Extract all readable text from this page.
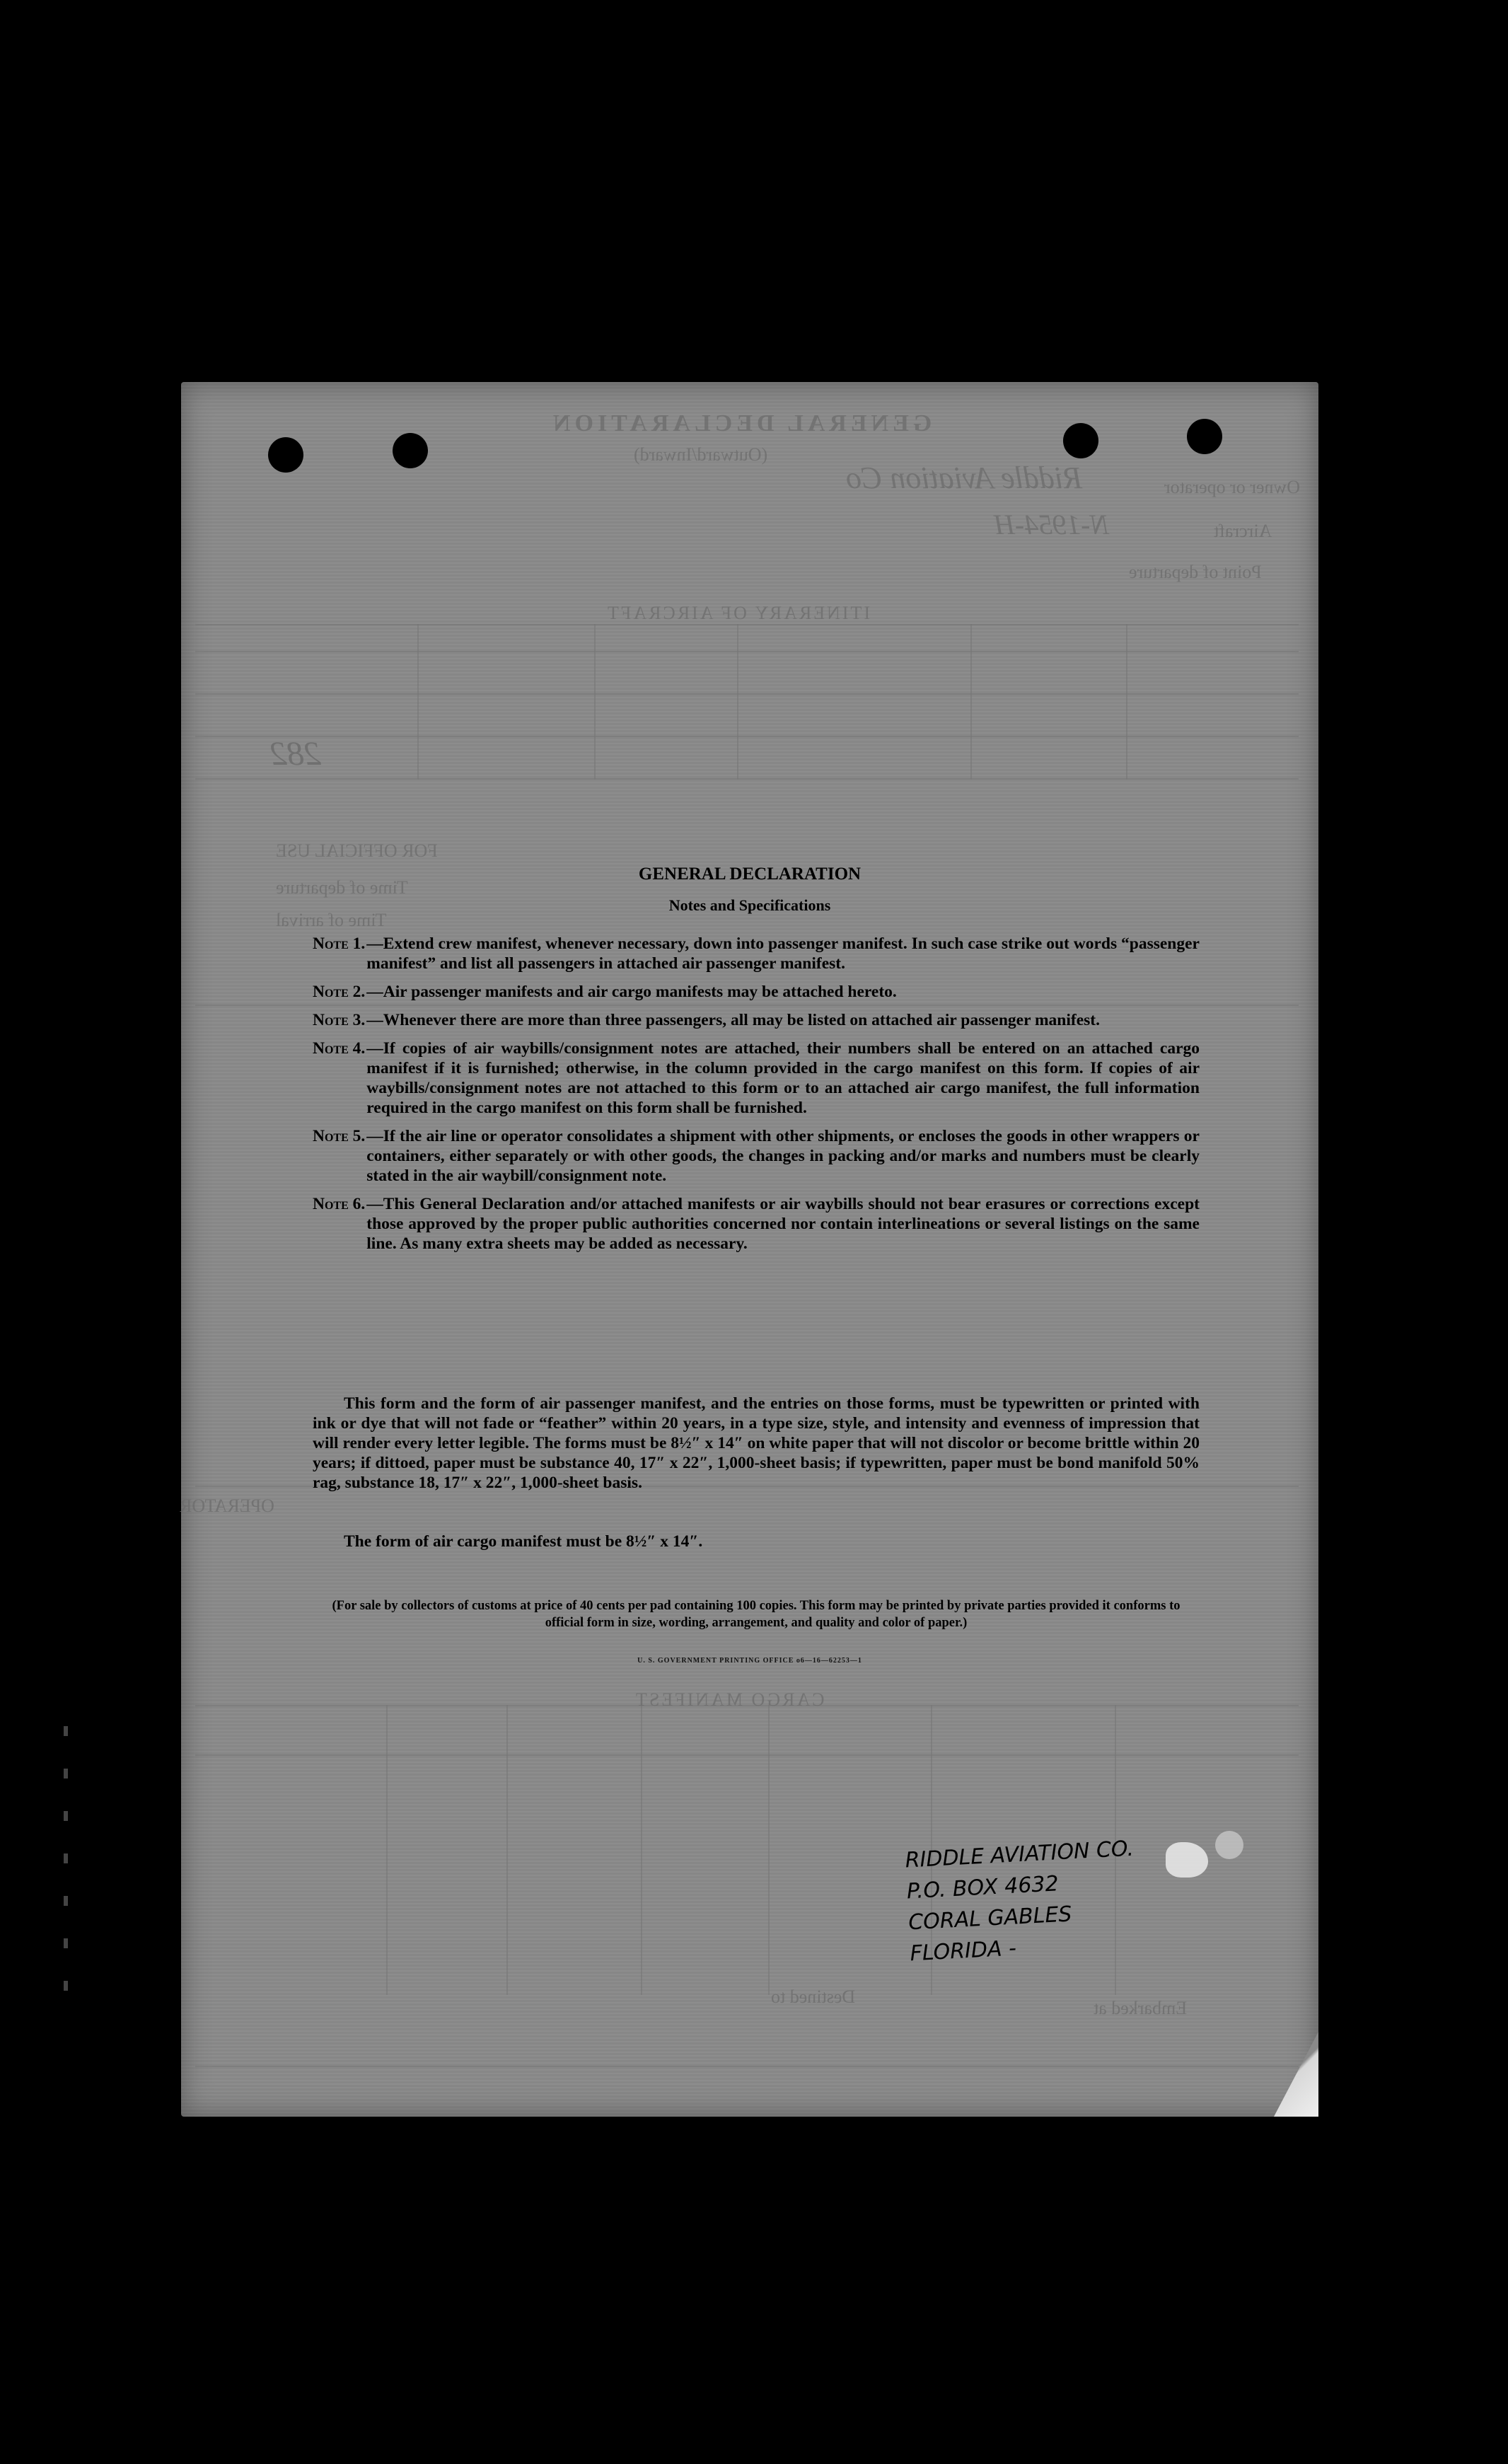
GENERAL DECLARATION
(Outward/Inward)
Owner or operator
Riddle Aviation Co
Aircraft
N-1954-H
Point of departure
ITINERARY OF AIRCRAFT
282
FOR OFFICIAL USE
Time of departure
Time of arrival
OPERATOR
CARGO MANIFEST
Embarked at
Destined to
GENERAL DECLARATION
Notes and Specifications
Note 1. —Extend crew manifest, whenever necessary, down into passenger manifest. In such case strike out words “passenger manifest” and list all passengers in attached air passenger manifest.
Note 2. —Air passenger manifests and air cargo manifests may be attached hereto.
Note 3. —Whenever there are more than three passengers, all may be listed on attached air passenger manifest.
Note 4. —If copies of air waybills/consignment notes are attached, their numbers shall be entered on an attached cargo manifest if it is furnished; otherwise, in the column provided in the cargo manifest on this form. If copies of air waybills/consignment notes are not attached to this form or to an attached air cargo manifest, the full information required in the cargo manifest on this form shall be furnished.
Note 5. —If the air line or operator consolidates a shipment with other shipments, or encloses the goods in other wrappers or containers, either separately or with other goods, the changes in packing and/or marks and numbers must be clearly stated in the air waybill/consignment note.
Note 6. —This General Declaration and/or attached manifests or air waybills should not bear erasures or corrections except those approved by the proper public authorities concerned nor contain interlineations or several listings on the same line. As many extra sheets may be added as necessary.
This form and the form of air passenger manifest, and the entries on those forms, must be typewritten or printed with ink or dye that will not fade or “feather” within 20 years, in a type size, style, and intensity and evenness of impression that will render every letter legible. The forms must be 8½″ x 14″ on white paper that will not discolor or become brittle within 20 years; if dittoed, paper must be substance 40, 17″ x 22″, 1,000-sheet basis; if typewritten, paper must be bond manifold 50% rag, substance 18, 17″ x 22″, 1,000-sheet basis.
The form of air cargo manifest must be 8½″ x 14″.
(For sale by collectors of customs at price of 40 cents per pad containing 100 copies. This form may be printed by private parties provided it conforms to official form in size, wording, arrangement, and quality and color of paper.)
U. S. GOVERNMENT PRINTING OFFICE o6—16—62253—1
RIDDLE AVIATION CO.
P.O. BOX 4632
CORAL GABLES
FLORIDA -
